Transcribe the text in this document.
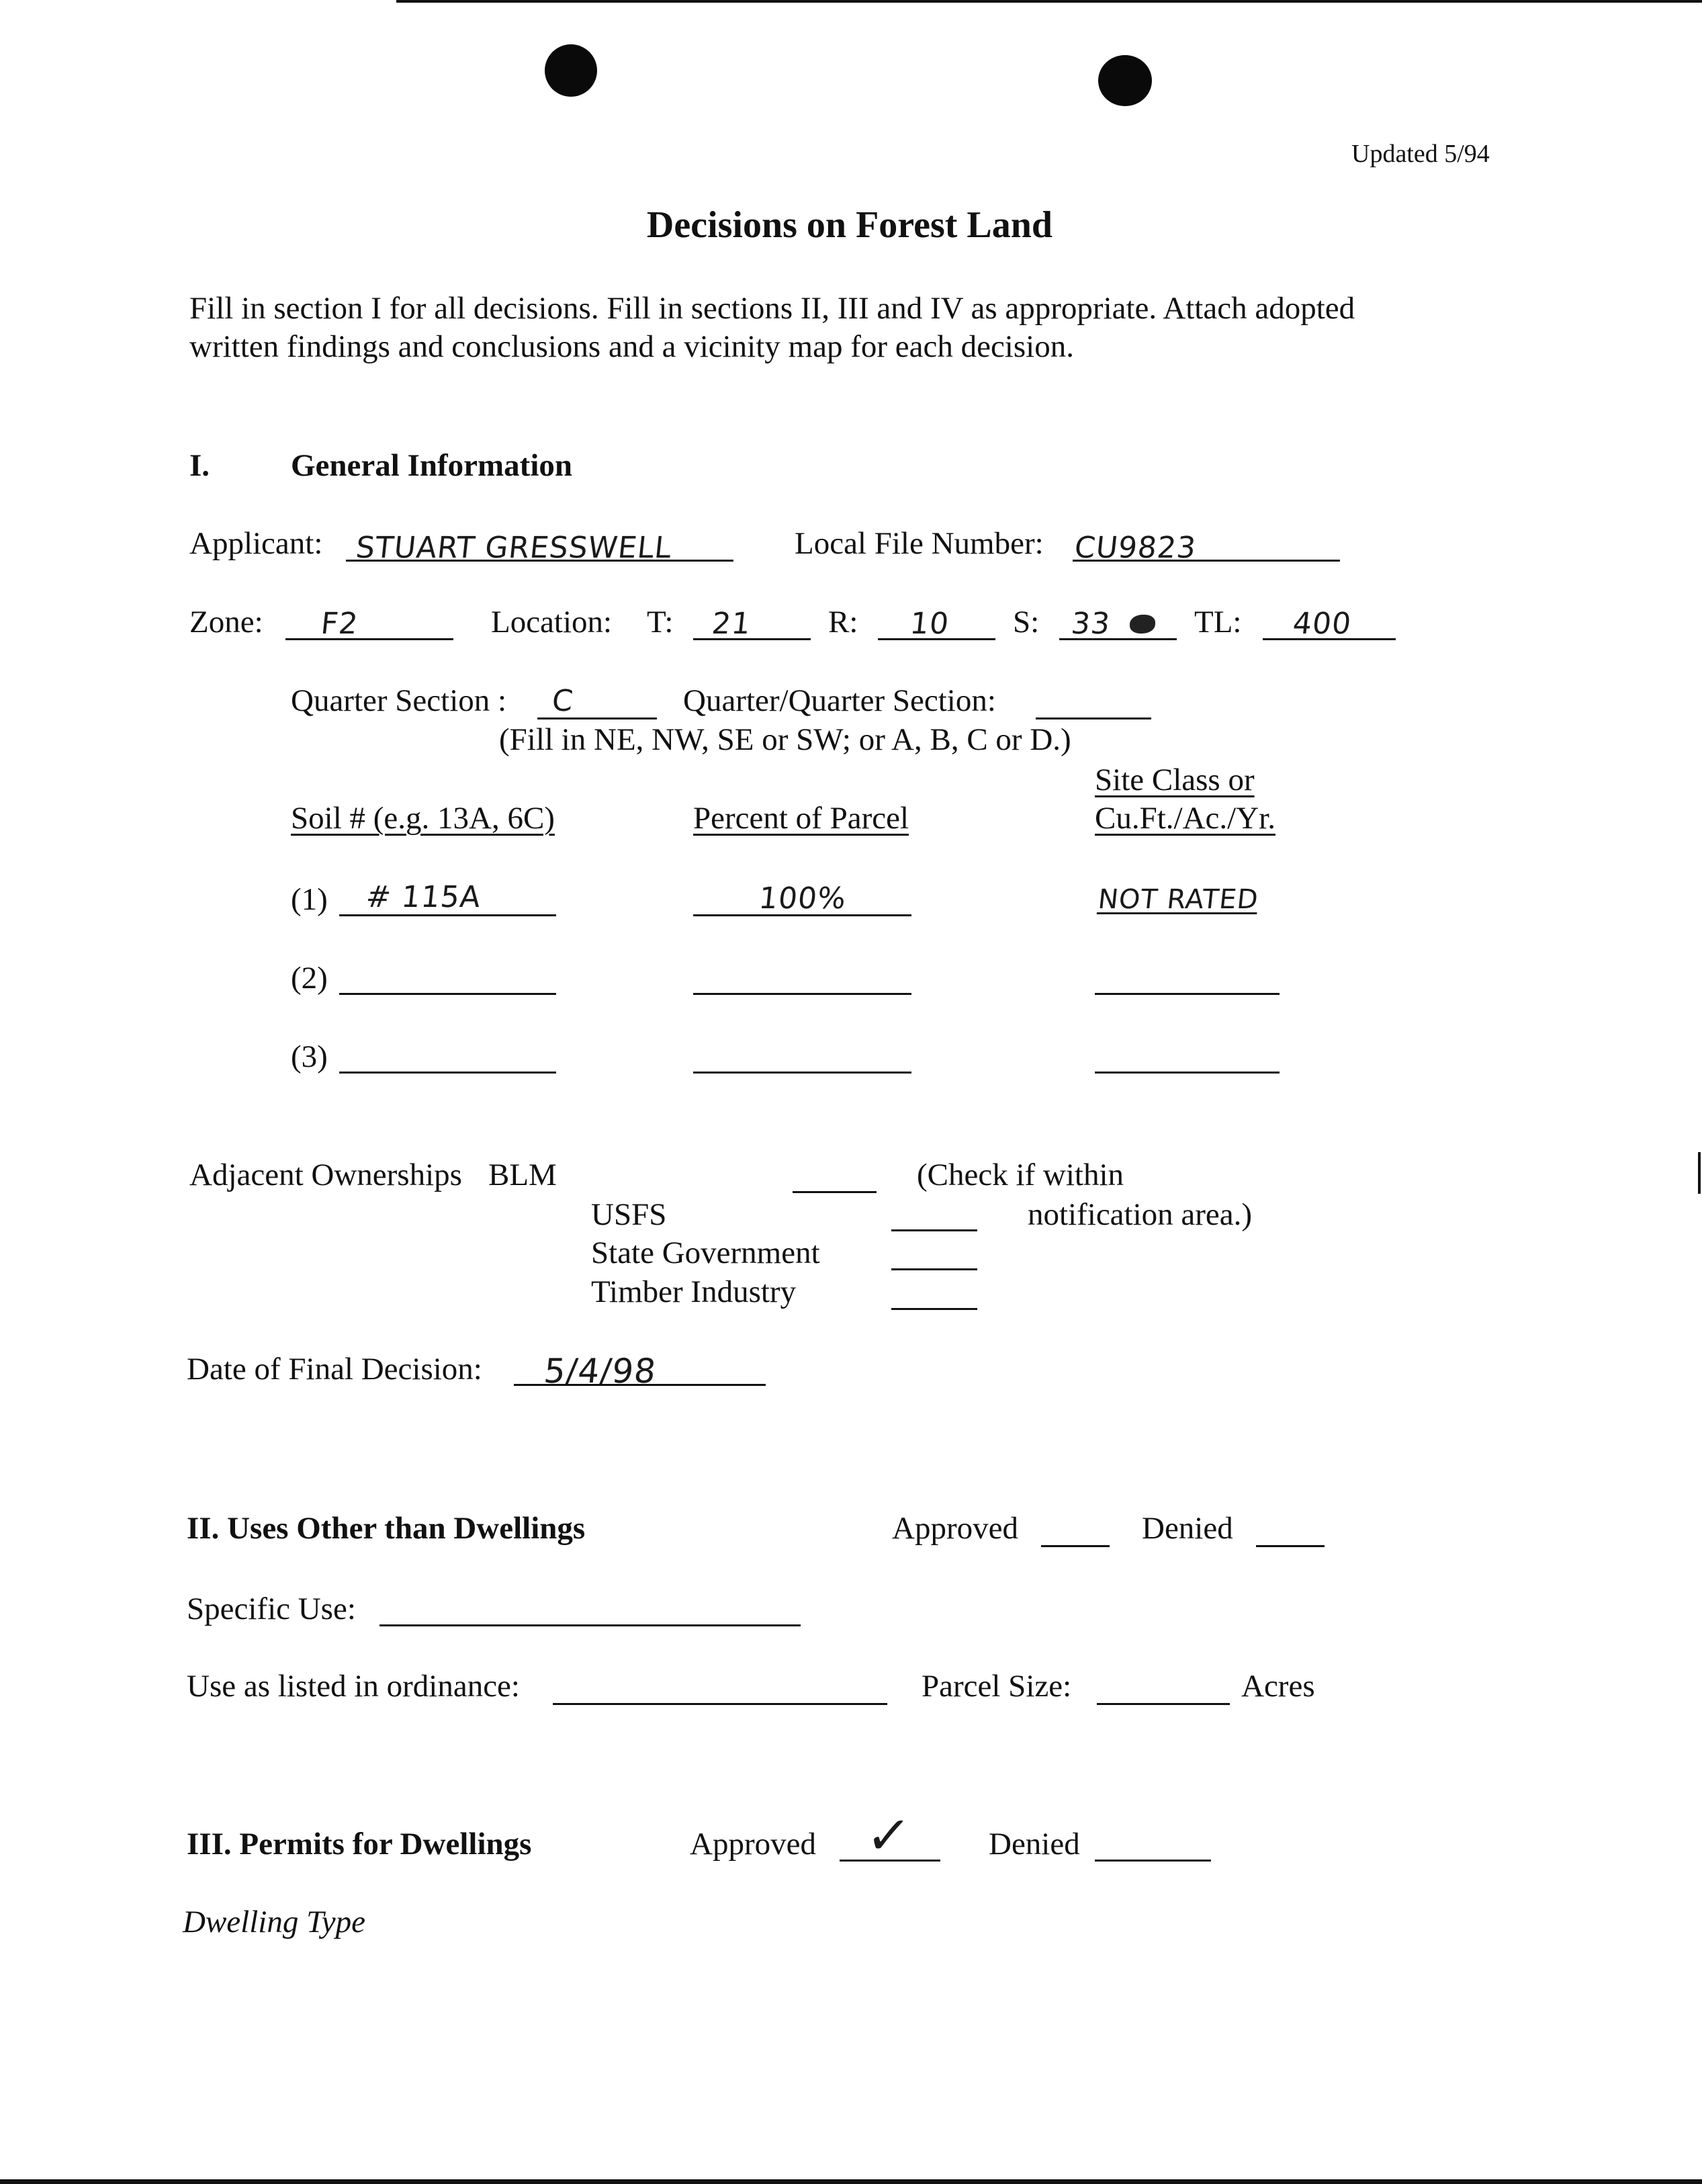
Updated 5/94
Decisions on Forest Land
Fill in section I for all decisions. Fill in sections II, III and IV as appropriate. Attach adopted
written findings and conclusions and a vicinity map for each decision.
I.	General Information
Applicant: STUART GRESSWELL	Local File Number: CU9823
Zone: F2	Location: T: 21 R: 10 S: 33	TL: 400
Quarter Section : C	Quarter/Quarter Section:
(Fill in NE, NW, SE or SW; or A, B, C or D.)
Site Class or
Soil # (e.g. 13A, 6C)	Percent of Parcel	Cu.Ft./Ac./Yr.
(1) # 115A	100%	NOT RATED
(2)
(3)
Adjacent Ownerships BLM
USFS
State Government
Timber Industry
(Check if within
notification area.)
Date of Final Decision: 5/4/98
II. Uses Other than Dwellings	Approved	Denied
Specific Use:
Use as listed in ordinance:	Parcel Size:	Acres
III. Permits for Dwellings	Approved ✓ Denied
Dwelling Type
